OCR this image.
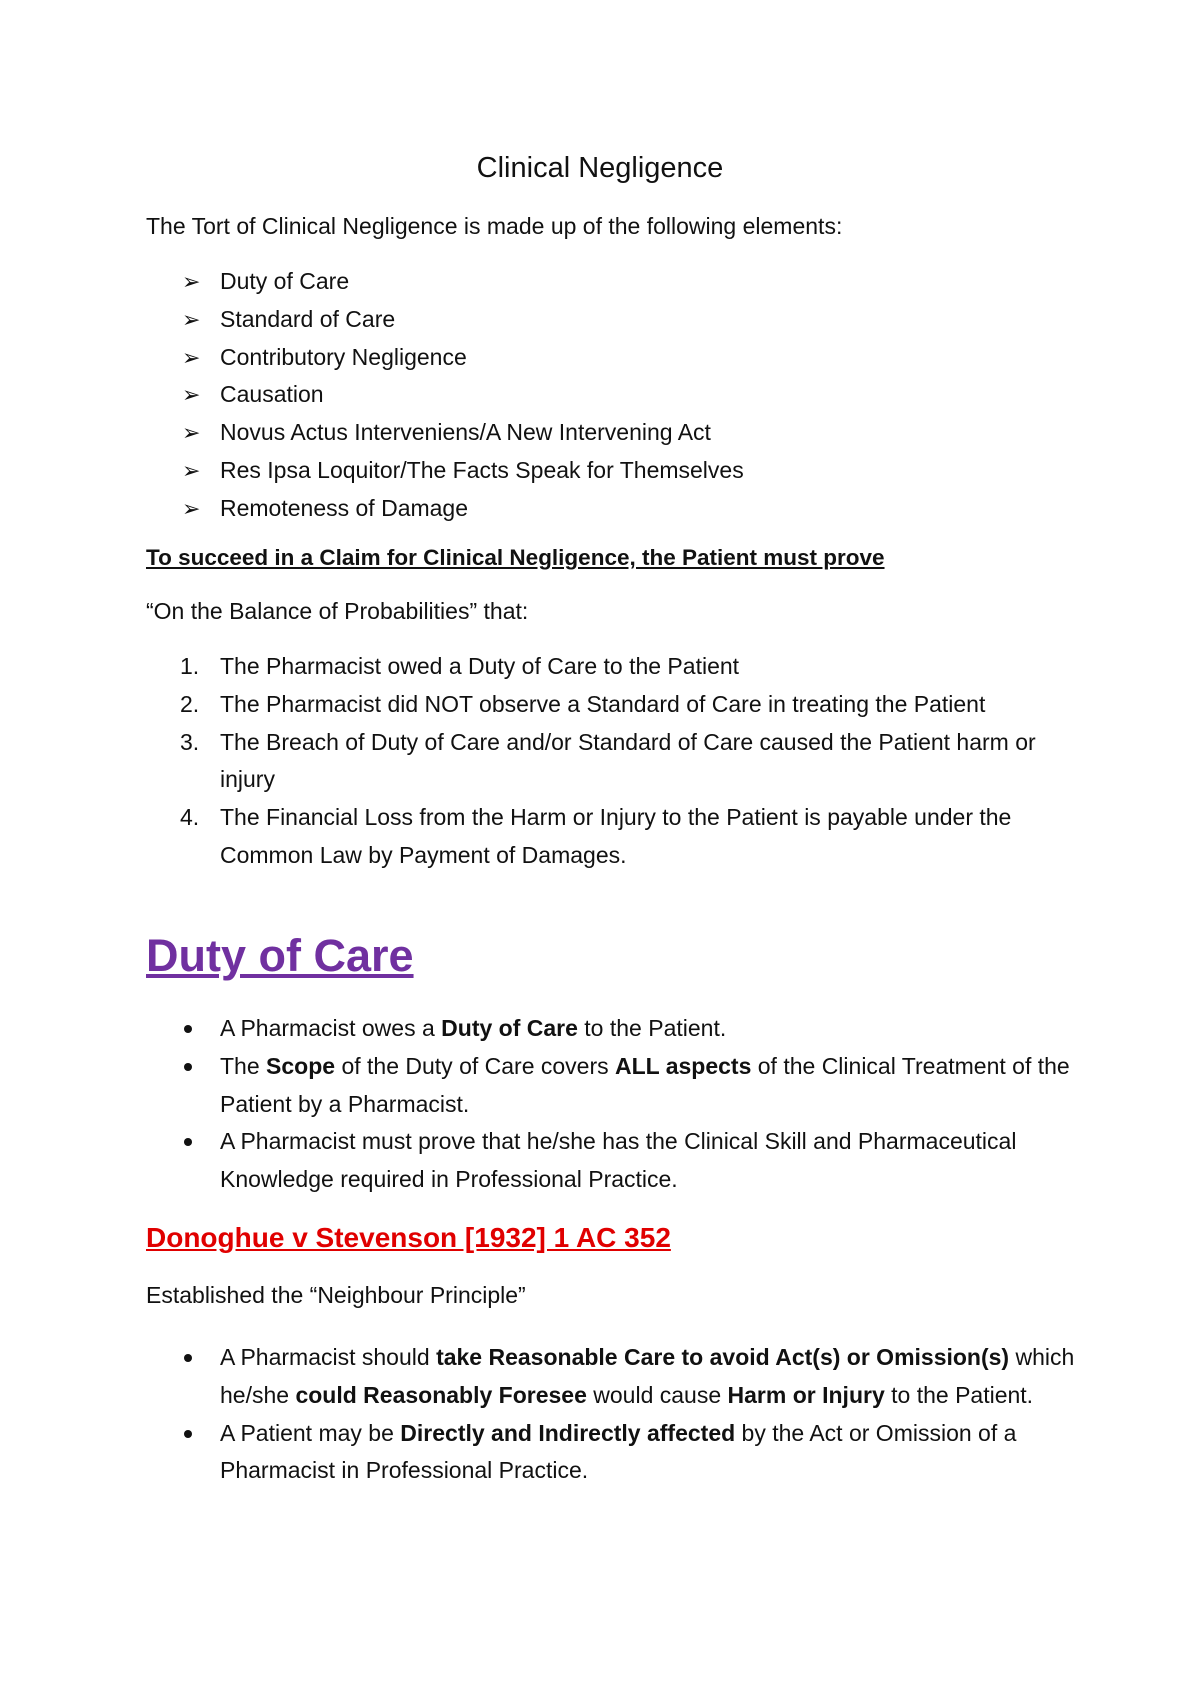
Clinical Negligence
The Tort of Clinical Negligence is made up of the following elements:
➢ Duty of Care
➢ Standard of Care
➢ Contributory Negligence
➢ Causation
➢ Novus Actus Interveniens/A New Intervening Act
➢ Res Ipsa Loquitor/The Facts Speak for Themselves
➢ Remoteness of Damage
To succeed in a Claim for Clinical Negligence, the Patient must prove
“On the Balance of Probabilities” that:
1. The Pharmacist owed a Duty of Care to the Patient
2. The Pharmacist did NOT observe a Standard of Care in treating the Patient
3. The Breach of Duty of Care and/or Standard of Care caused the Patient harm or injury
4. The Financial Loss from the Harm or Injury to the Patient is payable under the Common Law by Payment of Damages.
Duty of Care
A Pharmacist owes a Duty of Care to the Patient.
The Scope of the Duty of Care covers ALL aspects of the Clinical Treatment of the Patient by a Pharmacist.
A Pharmacist must prove that he/she has the Clinical Skill and Pharmaceutical Knowledge required in Professional Practice.
Donoghue v Stevenson [1932] 1 AC 352
Established the “Neighbour Principle”
A Pharmacist should take Reasonable Care to avoid Act(s) or Omission(s) which he/she could Reasonably Foresee would cause Harm or Injury to the Patient.
A Patient may be Directly and Indirectly affected by the Act or Omission of a Pharmacist in Professional Practice.
